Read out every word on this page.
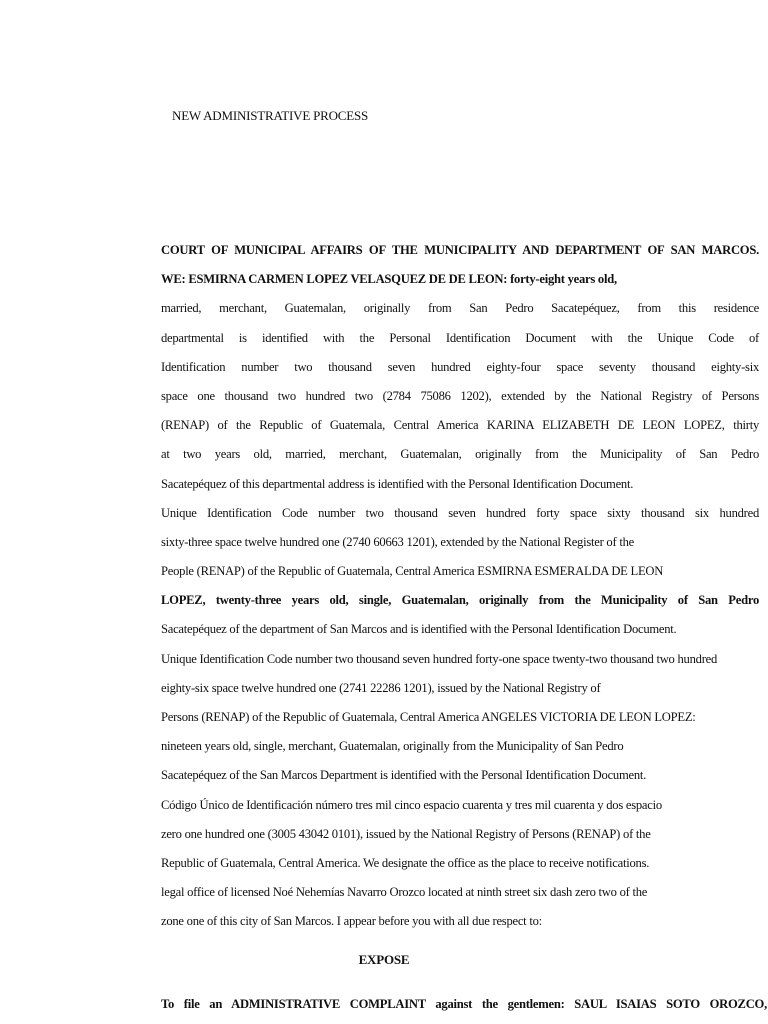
NEW ADMINISTRATIVE PROCESS
COURT OF MUNICIPAL AFFAIRS OF THE MUNICIPALITY AND DEPARTMENT OF SAN MARCOS.
WE: ESMIRNA CARMEN LOPEZ VELASQUEZ DE DE LEON: forty-eight years old,
married, merchant, Guatemalan, originally from San Pedro Sacatepéquez, from this residence
departmental is identified with the Personal Identification Document with the Unique Code of
Identification number two thousand seven hundred eighty-four space seventy thousand eighty-six
space one thousand two hundred two (2784 75086 1202), extended by the National Registry of Persons
(RENAP) of the Republic of Guatemala, Central America KARINA ELIZABETH DE LEON LOPEZ, thirty
at two years old, married, merchant, Guatemalan, originally from the Municipality of San Pedro
Sacatepéquez of this departmental address is identified with the Personal Identification Document.
Unique Identification Code number two thousand seven hundred forty space sixty thousand six hundred
sixty-three space twelve hundred one (2740 60663 1201), extended by the National Register of the
People (RENAP) of the Republic of Guatemala, Central America ESMIRNA ESMERALDA DE LEON
LOPEZ, twenty-three years old, single, Guatemalan, originally from the Municipality of San Pedro
Sacatepéquez of the department of San Marcos and is identified with the Personal Identification Document.
Unique Identification Code number two thousand seven hundred forty-one space twenty-two thousand two hundred
eighty-six space twelve hundred one (2741 22286 1201), issued by the National Registry of
Persons (RENAP) of the Republic of Guatemala, Central America ANGELES VICTORIA DE LEON LOPEZ:
nineteen years old, single, merchant, Guatemalan, originally from the Municipality of San Pedro
Sacatepéquez of the San Marcos Department is identified with the Personal Identification Document.
Código Único de Identificación número tres mil cinco espacio cuarenta y tres mil cuarenta y dos espacio
zero one hundred one (3005 43042 0101), issued by the National Registry of Persons (RENAP) of the
Republic of Guatemala, Central America. We designate the office as the place to receive notifications.
legal office of licensed Noé Nehemías Navarro Orozco located at ninth street six dash zero two of the
zone one of this city of San Marcos. I appear before you with all due respect to:
EXPOSE
To file an ADMINISTRATIVE COMPLAINT against the gentlemen: SAUL ISAIAS SOTO OROZCO,
